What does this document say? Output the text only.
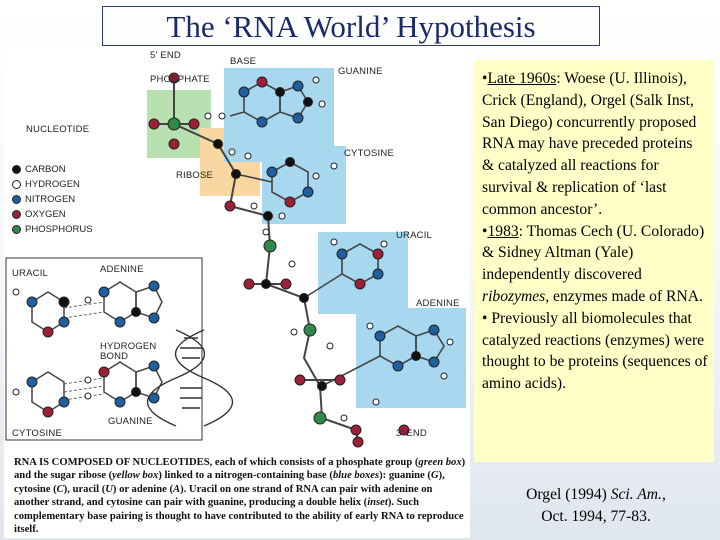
The ‘RNA World’ Hypothesis
5' END
BASE
PHOSPHATE
GUANINE
NUCLEOTIDE
CYTOSINE
RIBOSE
URACIL
ADENINE
3' END
CARBON
HYDROGEN
NITROGEN
OXYGEN
PHOSPHORUS
URACIL	ADENINE
HYDROGEN BOND
CYTOSINE
GUANINE
RNA IS COMPOSED OF NUCLEOTIDES, each of which consists of a phosphate group (green box) and the sugar ribose (yellow box) linked to a nitrogen-containing base (blue boxes): guanine (G), cytosine (C), uracil (U) or adenine (A). Uracil on one strand of RNA can pair with adenine on another strand, and cytosine can pair with guanine, producing a double helix (inset). Such complementary base pairing is thought to have contributed to the ability of early RNA to reproduce itself.
•Late 1960s: Woese (U. Illinois), Crick (England), Orgel (Salk Inst, San Diego) concurrently proposed RNA may have preceded proteins & catalyzed all reactions for survival & replication of ‘last common ancestor’.
•1983: Thomas Cech (U. Colorado) & Sidney Altman (Yale) independently discovered ribozymes, enzymes made of RNA.
• Previously all biomolecules that catalyzed reactions (enzymes) were thought to be proteins (sequences of amino acids).
Orgel (1994) Sci. Am.,
Oct. 1994, 77-83.
